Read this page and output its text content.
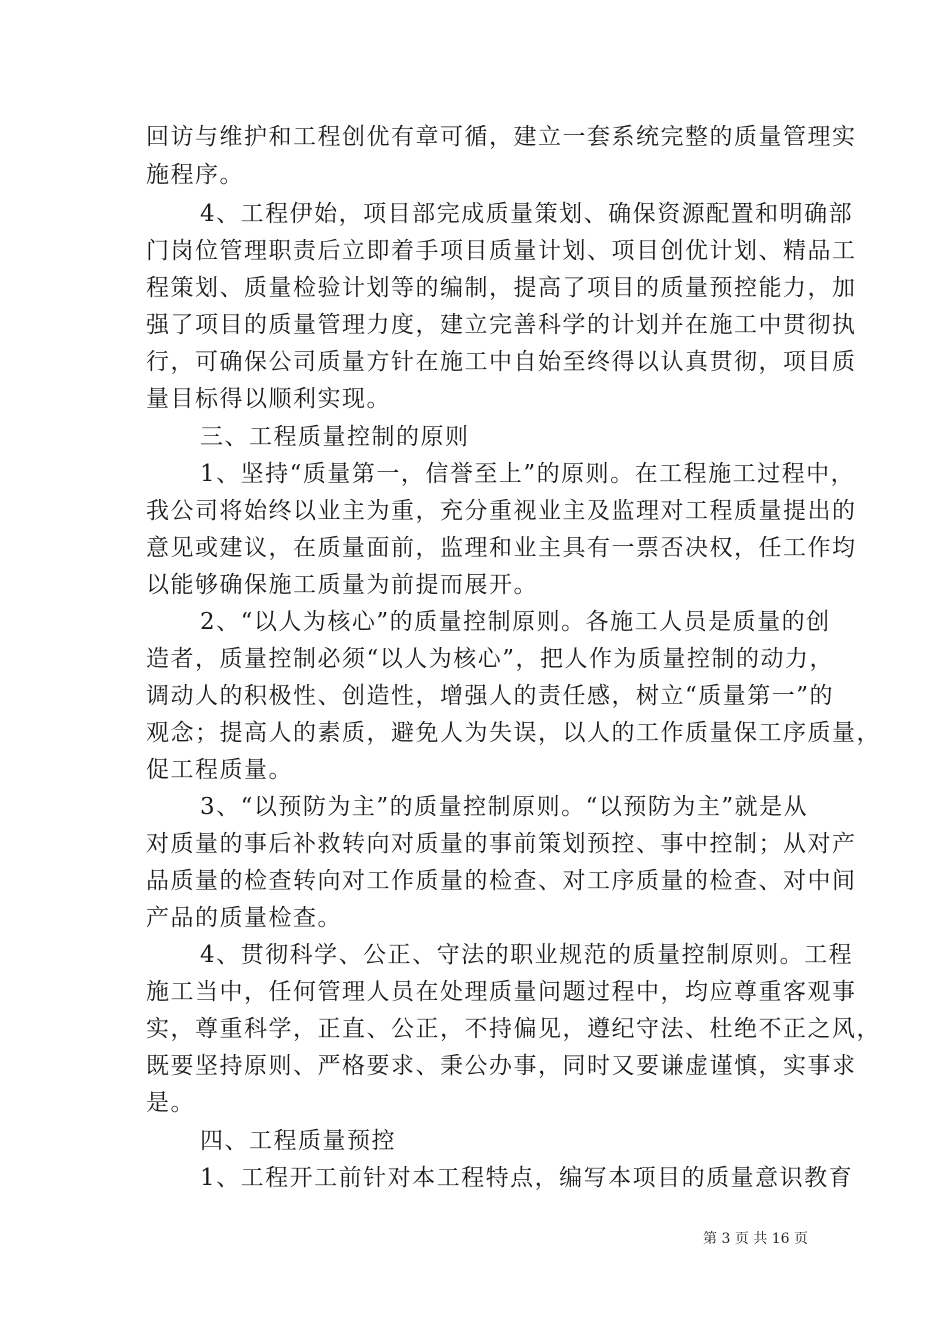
回访与维护和工程创优有章可循，建立一套系统完整的质量管理实
施程序。
4、工程伊始，项目部完成质量策划、确保资源配置和明确部
门岗位管理职责后立即着手项目质量计划、项目创优计划、精品工
程策划、质量检验计划等的编制，提高了项目的质量预控能力，加
强了项目的质量管理力度，建立完善科学的计划并在施工中贯彻执
行，可确保公司质量方针在施工中自始至终得以认真贯彻，项目质
量目标得以顺利实现。
三、工程质量控制的原则
1、坚持“质量第一，信誉至上”的原则。在工程施工过程中，
我公司将始终以业主为重，充分重视业主及监理对工程质量提出的
意见或建议，在质量面前，监理和业主具有一票否决权，任工作均
以能够确保施工质量为前提而展开。
2、“以人为核心”的质量控制原则。各施工人员是质量的创
造者，质量控制必须“以人为核心”，把人作为质量控制的动力，
调动人的积极性、创造性，增强人的责任感，树立“质量第一”的
观念；提高人的素质，避免人为失误，以人的工作质量保工序质量，
促工程质量。
3、“以预防为主”的质量控制原则。“以预防为主”就是从
对质量的事后补救转向对质量的事前策划预控、事中控制；从对产
品质量的检查转向对工作质量的检查、对工序质量的检查、对中间
产品的质量检查。
4、贯彻科学、公正、守法的职业规范的质量控制原则。工程
施工当中，任何管理人员在处理质量问题过程中，均应尊重客观事
实，尊重科学，正直、公正，不持偏见，遵纪守法、杜绝不正之风，
既要坚持原则、严格要求、秉公办事，同时又要谦虚谨慎，实事求
是。
四、工程质量预控
1、工程开工前针对本工程特点，编写本项目的质量意识教育
第 3 页 共 16 页
